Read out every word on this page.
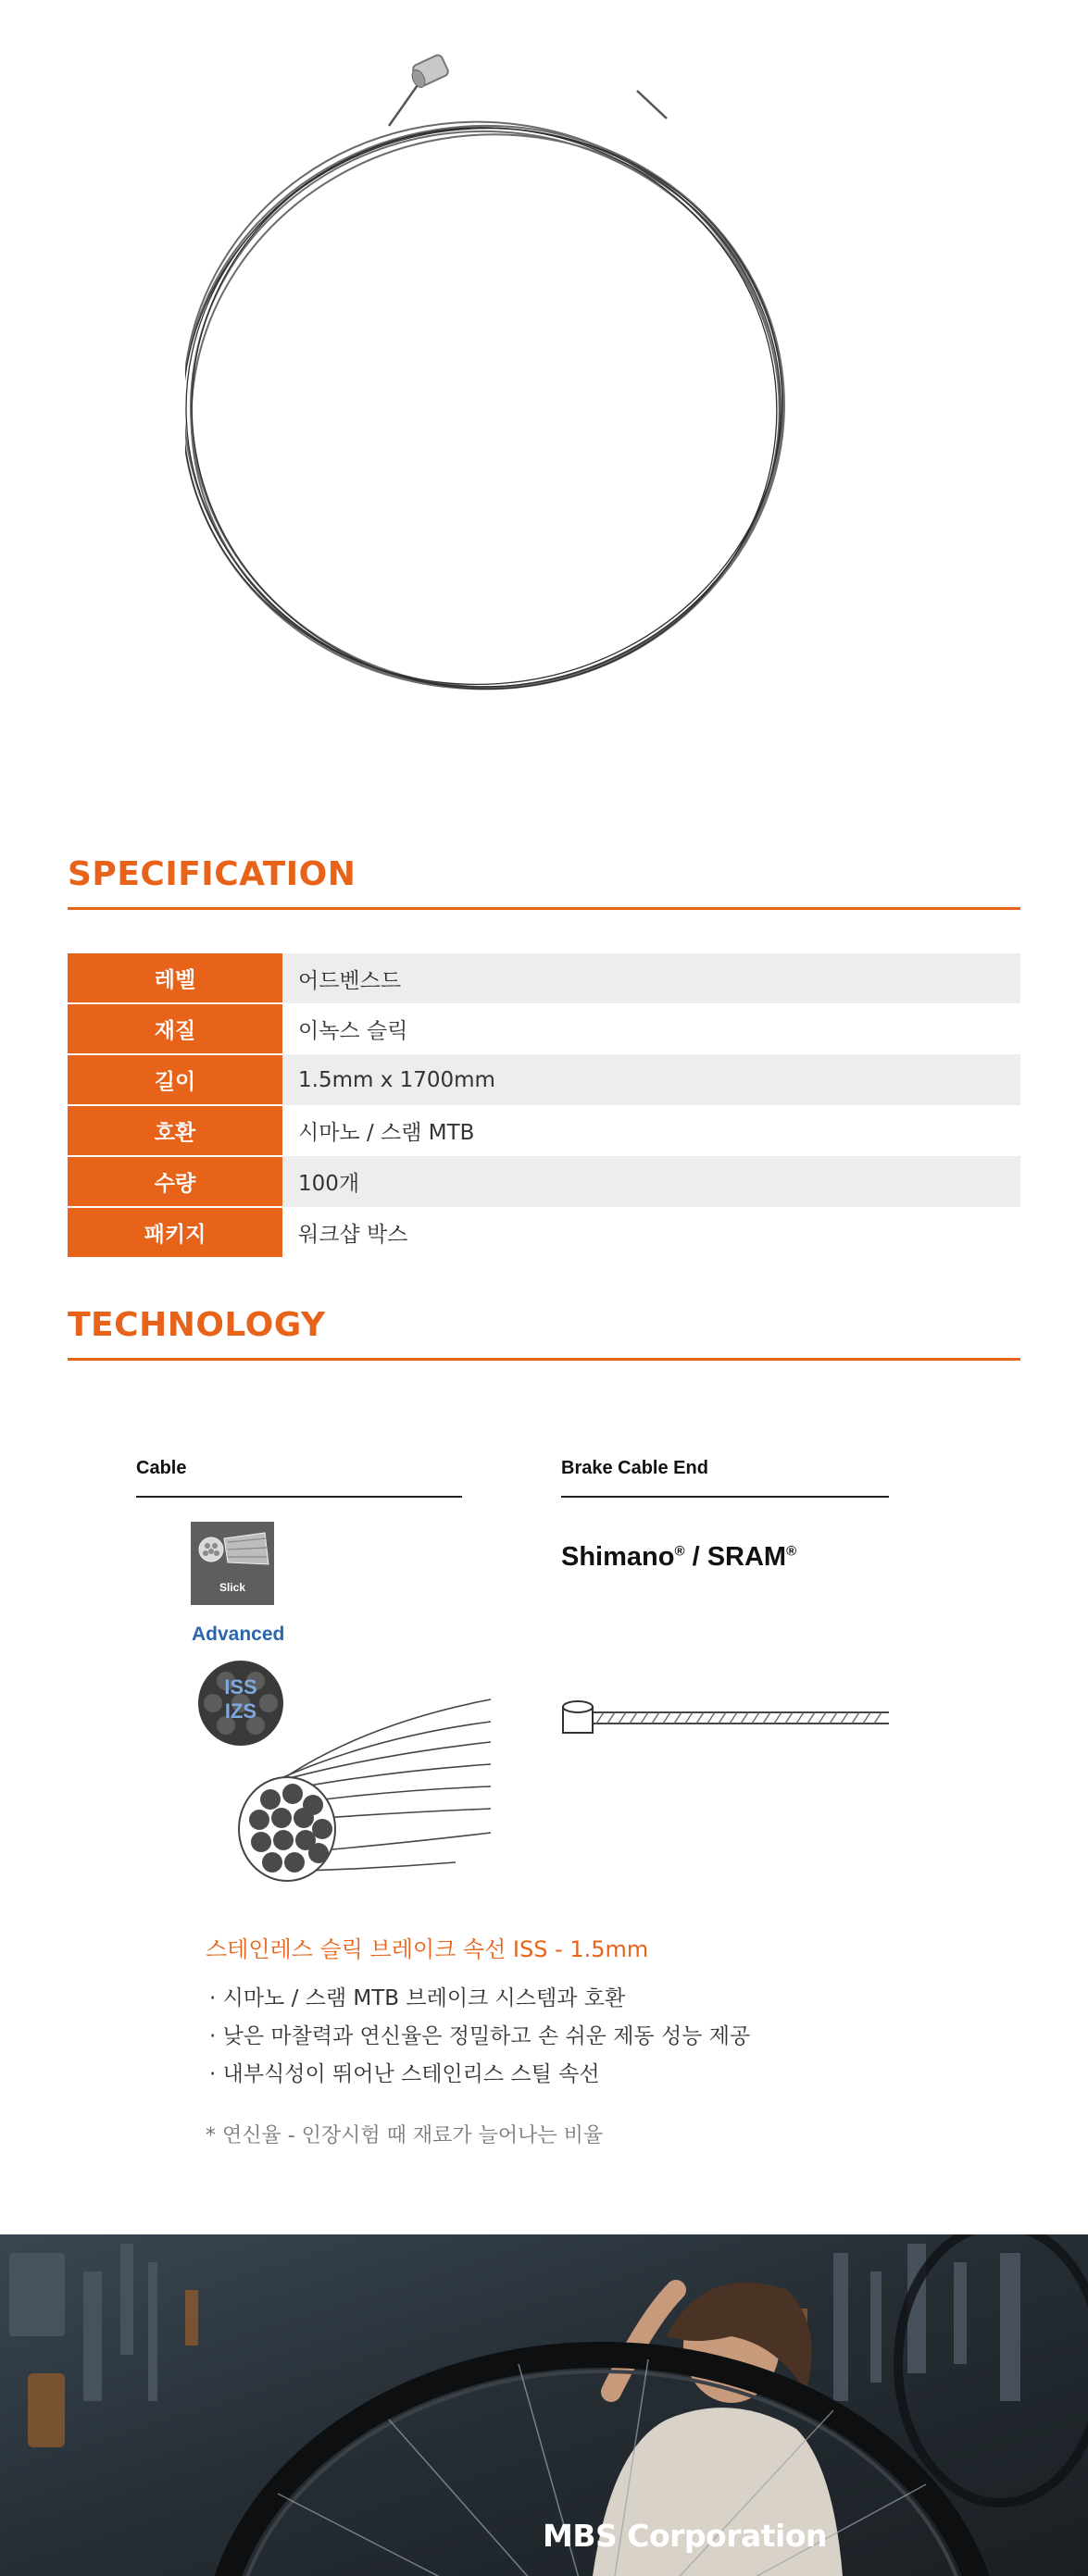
SPECIFICATION
레벨	어드벤스드
재질	이녹스 슬릭
길이	1.5mm x 1700mm
호환	시마노 / 스램 MTB
수량	100개
패키지	워크샵 박스
TECHNOLOGY
Cable
Slick
Advanced
ISS
IZS
Brake Cable End
Shimano® / SRAM®
스테인레스 슬릭 브레이크 속선 ISS - 1.5mm
· 시마노 / 스램 MTB 브레이크 시스템과 호환
· 낮은 마찰력과 연신율은 정밀하고 손 쉬운 제동 성능 제공
· 내부식성이 뛰어난 스테인리스 스틸 속선
* 연신율 - 인장시험 때 재료가 늘어나는 비율
MBS Corporation
